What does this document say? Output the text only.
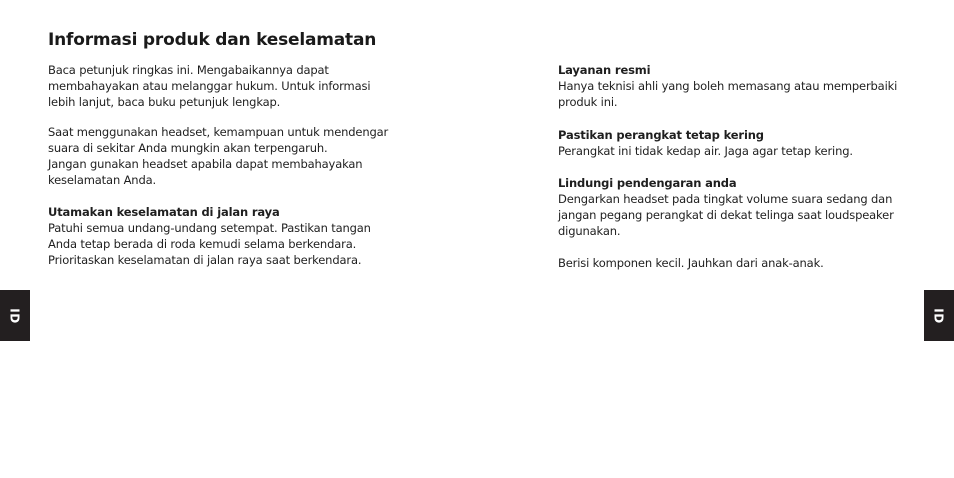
Informasi produk dan keselamatan

Baca petunjuk ringkas ini. Mengabaikannya dapat

membahayakan atau melanggar hukum. Untuk informasi

lebih lanjut, baca buku petunjuk lengkap.

Saat menggunakan headset, kemampuan untuk mendengar

suara di sekitar Anda mungkin akan terpengaruh.

Jangan gunakan headset apabila dapat membahayakan

keselamatan Anda.

Utamakan keselamatan di jalan raya

Patuhi semua undang-undang setempat. Pastikan tangan

Anda tetap berada di roda kemudi selama berkendara.

Prioritaskan keselamatan di jalan raya saat berkendara.

Layanan resmi

Hanya teknisi ahli yang boleh memasang atau memperbaiki

produk ini.

Pastikan perangkat tetap kering

Perangkat ini tidak kedap air. Jaga agar tetap kering.

Lindungi pendengaran anda

Dengarkan headset pada tingkat volume suara sedang dan

jangan pegang perangkat di dekat telinga saat loudspeaker

digunakan.

Berisi komponen kecil. Jauhkan dari anak-anak.

ID	ID
